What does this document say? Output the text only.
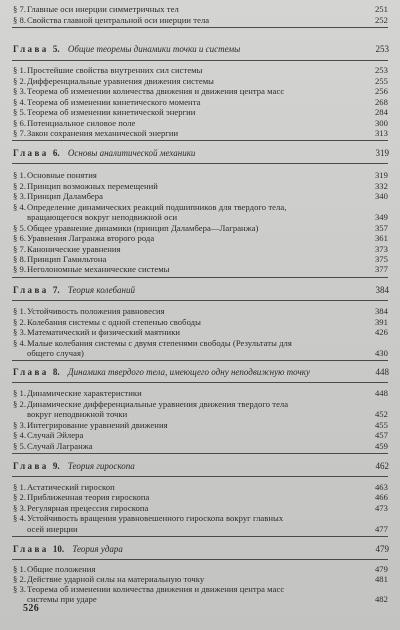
§ 7. Главные оси инерции симметричных тел	251
§ 8. Свойства главной центральной оси инерции тела	252
Глава 5. Общие теоремы динамики точки и системы	253
§ 1. Простейшие свойства внутренних сил системы	253
§ 2. Дифференциальные уравнения движения системы	255
§ 3. Теорема об изменении количества движения и движения центра масс	256
§ 4. Теорема об изменении кинетического момента	268
§ 5. Теорема об изменении кинетической энергии	284
§ 6. Потенциальное силовое поле	300
§ 7. Закон сохранения механической энергии	313
Глава 6. Основы аналитической механики	319
§ 1. Основные понятия	319
§ 2. Принцип возможных перемещений	332
§ 3. Принцип Даламбера	340
§ 4. Определение динамических реакций подшипников для твердого тела,
вращающегося вокруг неподвижной оси	349
§ 5. Общее уравнение динамики (принцип Даламбера—Лагранжа)	357
§ 6. Уравнения Лагранжа второго рода	361
§ 7. Канонические уравнения	373
§ 8. Принцип Гамильтона	375
§ 9. Неголономные механические системы	377
Глава 7. Теория колебаний	384
§ 1. Устойчивость положения равновесия	384
§ 2. Колебания системы с одной степенью свободы	391
§ 3. Математический и физический маятники	426
§ 4. Малые колебания системы с двумя степенями свободы (Результаты для
общего случая)	430
Глава 8. Динамика твердого тела, имеющего одну неподвижную точку	448
§ 1. Динамические характеристики	448
§ 2. Динамические дифференциальные уравнения движения твердого тела
вокруг неподвижной точки	452
§ 3. Интегрирование уравнений движения	455
§ 4. Случай Эйлера	457
§ 5. Случай Лагранжа	459
Глава 9. Теория гироскопа	462
§ 1. Астатический гироскоп	463
§ 2. Приближенная теория гироскопа	466
§ 3. Регулярная прецессия гироскопа	473
§ 4. Устойчивость вращения уравновешенного гироскопа вокруг главных
осей инерции	477
Глава 10. Теория удара	479
§ 1. Общие положения	479
§ 2. Действие ударной силы на материальную точку	481
§ 3. Теорема об изменении количества движения и движения центра масс
системы при ударе	482
526
